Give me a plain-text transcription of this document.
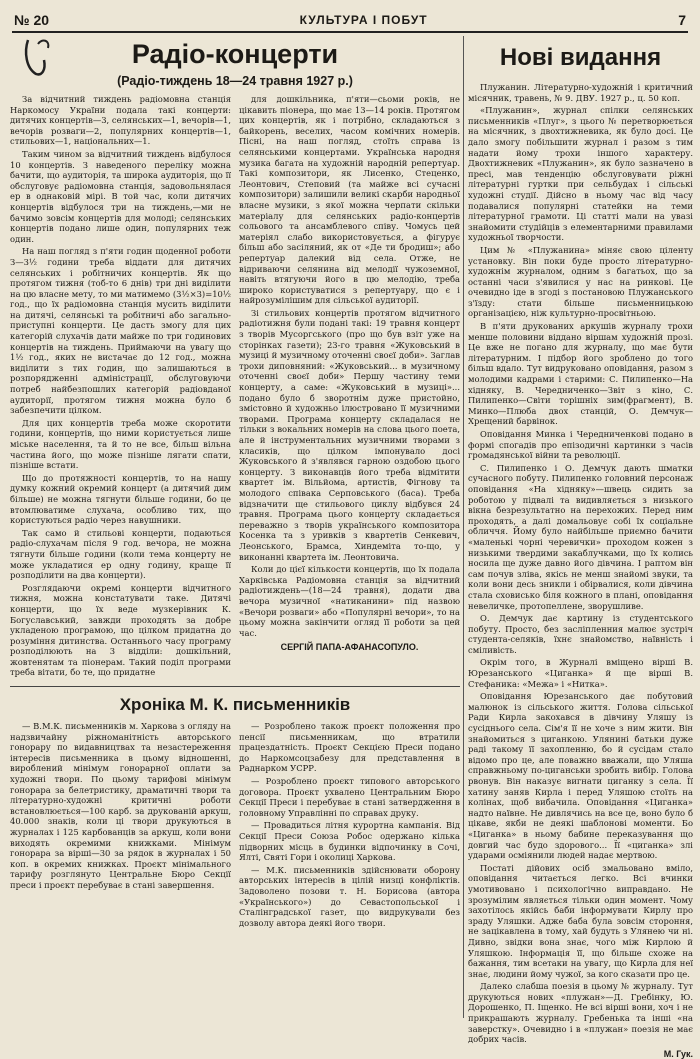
№ 20	КУЛЬТУРА І ПОБУТ	7
Радіо-концерти
(Радіо-тиждень 18—24 травня 1927 р.)

За відчитний тиждень радіомовна станція Наркомосу України подала такі концерти: дитячих концертів—3, селянських—1, вечорів—1, вечорів розваги—2, популярних концертів—1, стильових—1, національних—1.

Таким чином за відчитний тиждень відбулося 10 концертів. З наведеного переліку можна бачити, що аудиторія, та широка аудиторія, що її обслуговує радіомовна станція, задовольнялася ер в однаковій мірі. В той час, коли дитячих концертів відбулося три на тиждень,—ми не бачимо зовсім концертів для молоді; селянських концертів подано лише один, популярних теж один.

На наш погляд з п'яти годин щоденної роботи З—3½ години треба віддати для дитячих селянських і робітничих концертів. Як що протягом тижня (тоб-то 6 днів) три дні виділити на цю власне мету, то ми матимемо (3½×3)=10½ год., що їх радіомовна станція мусить виділити на дитячі, селянські та робітничі або загально-приступні концерти. Це дасть змогу для цих категорій слухачів дати майже по три годинових концертів на тиждень. Приймаючи на увагу що 1½ год., яких не вистачає до 12 год., можна виділити з тих годин, що залишаються в розпорядженні адміністрації, обслуговуючи потреб найбезпошлих категорій радіовданої аудиторії, протягом тижня можна було б забезпечити цілком.

Для цих концертів треба може скоротити години, концертів, що ними користується лише міське населення, та й то не все, більш вільна частина його, що може пізніше лягати спати, пізніше встати.

Що до протяжності концертів, то на нашу думку кожний окремий концерт (а дитячий дим більше) не можна тягнути більше години, бо це втомлюватиме слухача, особливо тих, що користуються радіо через навушники.

Так само й стильові концерти, подаються радіо-слухачам після 9 год. вечора, не можна тягнути більше години (коли тема концерту не може укладатися ер одну годину, краще її розподілити на два концерти).

Розглядаючи окремі концерти відчитного тижня, можна констатувати таке. Дитячі концерти, що їх веде музкерівник К. Богуславський, завжди проходять за добре укладеною програмою, що цілком придатна до розуміння дитинства. Останнього часу програму розподілюють на 3 відділи: дошкільний, жовтенятам та піонерам. Такий поділ програми треба вітати, бо те, що придатне

для дошкільника, п'яти—сьоми років, не цікавить піонера, що має 13—14 років. Протягом цих концертів, як і потрібно, складаються з байкорень, веселих, часом комічних номерів. Пісні, на наш погляд, стоїть справа із селянськими концертами. Українська народня музика багата на художній народній репертуар. Такі композитори, як Лисенко, Стеценко, Леонтович, Степовий (та майже всі сучасні композитори) залишили великі скарби народньої власне музики, з якої можна черпати скільки матеріалу для селянських радіо-концертів сольового та ансамблевого співу. Чомусь цей матеріял слабо використовується, а фігурує більш або засіляний, як от «Де ти бродиш»; або репертуар далекий від села. Отже, не відриваючи селянина від мелодії чужоземної, навіть втягуючи його в цю мелодію, треба широко користуватися з репертуару, що є і найрозумілішим для сільської аудиторії.

Зі стильових концертів протягом відчитного радіотижня були подані такі: 19 травня концерт з творів Мусоргського (про що був взіт уже на сторінках газети); 23-го травня «Жуковський в музиці й музичному оточенні своєї доби». Заглав трохи диповняний: «Жуковський... в музичному оточенні своєї доби» Першу частину теми концерту, а саме: «Жуковський в музиці»... подано було б зворотнім дуже пристойно, змістовно й художньо ілюстровано її музичними творами. Програма концерту складалася не тільки з вокальних номерів на слова цього поета, але й інструментальних музичними творами з класиків, що цілком імпонувало досі Жуковського й з'являвся гарною оздобою цього концерту. З виконавців його треба відмітити квартет ім. Вільйома, артистів, Фігнову та молодого співака Серповського (баса). Треба відзначити ще стильового циклу відбувся 24 травня. Програма цього концерту складається переважно з творів українського композитора Косенка та з уривків з квартетів Сенкевич, Леонського, Брамса, Хиндеміта то-що, у виконанні квартета ім. Леонтовича.

Коли до цієї кількости концертів, що їх подала Харківська Радіомовна станція за відчитний радіотиждень—(18—24 травня), додати два вечора музичної «натиканини» під назвою «Вечори розваги» або «Популярні вечори», то на цьому можна закінчити огляд її роботи за цей час.

СЕРГІЙ ПАПА-АФАНАСОПУЛО.
Хроніка М. К. письменників

— В.М.К. письменників м. Харкова з огляду на надзвичайну ріжноманітність авторського гонорару по видавництвах та незастереження інтересів письменника в цьому відношенні, вироблений мінімум гонорарної оплати за художні твори. По цьому тарифові мінімум гонорара за белетристику, драматичні твори та літературно-художні критичні роботи встановлюється—100 карб. за друкованій аркуш, 40.000 знаків, коли ці твори друкуються в журналах і 125 карбованців за аркуш, коли вони виходять окремими книжками. Мінімум гонорара за вірші—30 за рядок в журналах і 50 коп. в окремих книжках. Проєкт мінімального тарифу розглянуто Центральне Бюро Секції преси і проєкт перебуває в стані завершення.

— Розроблено також проєкт положення про пенсії письменникам, що втратили працездатність. Проєкт Секцією Преси подано до Наркомсоцзабезу для представлення в Раднарком УСРР.

— Розроблено проєкт типового авторського договора. Проєкт ухвалено Центральним Бюро Секції Преси і перебуває в стані затвердження в головному Управлінні по справах друку.

— Провадиться літня курортна кампанія. Від Секції Преси Союза Робос одержано кілька підворних місць в будинки відпочинку в Сочі, Ялті, Святі Гори і околиці Харкова.

— М.К. письменників здійснювати оборону авторських інтересів в цілій низці конфліктів. Задоволено позови т. Н. Борисова (автора «Укрaїнського») до Севастопольської і Сталінградської газет, що видрукували без дозволу автора деякі його твори.

Нові видання

Плужанин. Літературно-художній і критичний місячник, травень, № 9. ДВУ. 1927 р., ц. 50 коп.

«Плужанин», журнал спілки селянських письменників «Плуг», з цього № перетворюється на місячник, з двохтижневика, як було досі. Це дало змогу побільшити журнал і разом з тим надати йому трохи іншого характеру. Двохтижневик «Плужанин», як було зазначено в пресі, мав тенденцію обслуговувати ріжні літературні гуртки при сельбудах і сільські художні студії. Дійсно в ньому час від часу подавалися популярні статейки на теми літературної грамоти. Ці статті мали на увазі знайомити студійців з елементарними правилами художньої творчости.

Цим № «Плужанина» міняє свою ціленту установку. Він поки буде просто літературно-художнім журналом, одним з багатьох, що за останні часи з'явилися у нас на ринкові. Це очевидно іде в згоді з постановою Плужанського з'їзду: стати більше письменницькою організацією, ніж культурно-просвітньою.

В п'яти друкованих аркушів журналу трохи менше половини віддано віршам художній прозі. Це вже не погано для журналу, що має бути літературним. І підбор його зроблено до того більш вдало. Тут видруковано оповідання, разом з молодими кадрами і старими: С. Пилипенко—На хідняку, В. Чередниченко—Звіт з кіно, С. Пилипенко—Світи торішніх зим(фрагмент), В. Минко—Плюба двох станцій, О. Демчук—Хрещений барвінок.

Оповідання Минка і Чередниченкові подано в формі спогадів про епізодичні картинки з часів громадянської війни та революції.

С. Пилипенко і О. Демчук дають шматки сучасного побуту. Пилипенко головний персонаж оповідання «На хідняку»—швець сидить за роботою у підвалі та видивляється з низького вікна безрезультатно на перехожих. Перед ним проходять, а далі домальовує собі їх соціальне обличчя. Йому було найбільше приємно бачити «маленькі чорні черевички» проходом кожен з низькими твердими закаблучками, що їх колись носила ще дуже давно його дівчина. І раптом він сам почув зліва, якісь не менш знайомі звуки, та коли вони десь зникли і обірвалися, коли дівчина стала сховисько біля кожного в плані, оповідання невеличке, протопеллене, зворушливе.

О. Демчук дає картину із студентського побуту. Просто, без засліпленния малює зустріч студента-селяків, їхнє знайомство, наївність і сміливість.

Окрім того, в Журналі вміщено вірші В. Юрезанського «Циганка» й ще вірші В. Стефаника: «Межа» і «Нитка».

Оповідання Юрезанського дає побутовий малюнок із сільського життя. Голова сільської Ради Кирла закохався в дівчину Уляшу із сусіднього села. Сім'я її не хоче з ним жити. Він знайомиться з циганкою. Улянині батьки дуже раді такому її захопленню, бо й сусідам стало відомо про це, але поважно вважали, що Уляша справжньому по-циганськи зробить вибір. Голова рвонув. Він наказує вигнати циганку з села. Її хатину заняв Кирла і перед Уляшою стоїть на колінах, щоб вибачила. Оповідання «Циганка» надто наївне. Не дивлячись на все це, воно було б цікаве, якби не деякі шаблонові моменти. Бо «Циганка» в ньому бабине переказування що довгий час будо здорового... Її «циганка» злі ударами осміянили людей надає мертвою.

Постаті дійових осіб змальовано вміло, оповідання читається легко. Всі вчинки умотивовано і психологічно виправдано. Не зрозумілим являється тільки один момент. Чому захотілось якійсь баби інформувати Кирлу про зраду Уляшки. Адже баба була зовсім стороння, не зацікавлена в тому, хай будуть з Улянею чи ні. Дивно, звідки вона знає, чого між Кирлою й Уляшкою. Інформація її, що більше схоже на бажання, тим всетаки на увагу, що Кирла для неї знає, людини йому чужої, за кого сказати про це.

Далеко слабша поезія в цьому № журналу. Тут друкуються нових «плужан»—Д. Гребінку, Ю. Дорошенко, П. Іщенко. Не всі вірші вони, хоч і не прикрашають журналу. Гребенька та інші «на заверстку». Очевидно і в «плужан» поезія не має добрих часів.

М. Гук.
